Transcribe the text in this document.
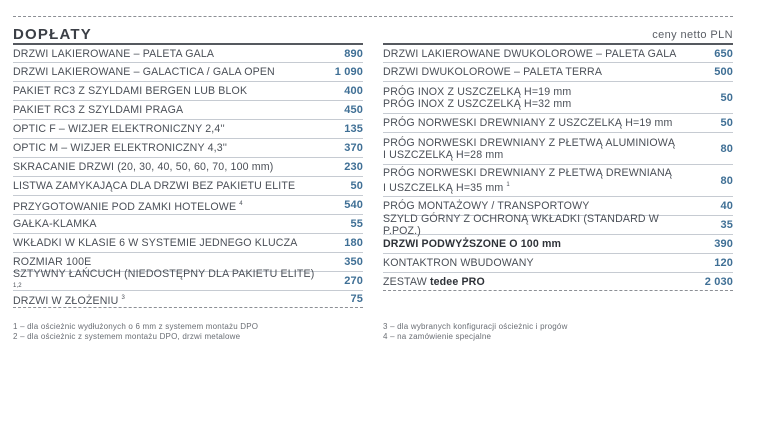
DOPŁATY	ceny netto PLN
DRZWI LAKIEROWANE – PALETA GALA	890
DRZWI LAKIEROWANE – GALACTICA / GALA OPEN	1 090
PAKIET RC3 Z SZYLDAMI BERGEN LUB BLOK	400
PAKIET RC3 Z SZYLDAMI PRAGA	450
OPTIC F – WIZJER ELEKTRONICZNY 2,4''	135
OPTIC M – WIZJER ELEKTRONICZNY 4,3''	370
SKRACANIE DRZWI (20, 30, 40, 50, 60, 70, 100 mm)	230
LISTWA ZAMYKAJĄCA DLA DRZWI BEZ PAKIETU ELITE	50
PRZYGOTOWANIE POD ZAMKI HOTELOWE $^4$	540
GAŁKA-KLAMKA	55
WKŁADKI W KLASIE 6 W SYSTEMIE JEDNEGO KLUCZA	180
ROZMIAR 100E	350
SZTYWNY ŁAŃCUCH (NIEDOSTĘPNY DLA PAKIETU ELITE) $^{1,2}$	270
DRZWI W ZŁOŻENIU $^3$	75
DRZWI LAKIEROWANE DWUKOLOROWE – PALETA GALA	650
DRZWI DWUKOLOROWE – PALETA TERRA	500
PRÓG INOX Z USZCZELKĄ H=19 mm
PRÓG INOX Z USZCZELKĄ H=32 mm	50
PRÓG NORWESKI DREWNIANY Z USZCZELKĄ H=19 mm	50
PRÓG NORWESKI DREWNIANY Z PŁETWĄ ALUMINIOWĄ
I USZCZELKĄ H=28 mm	80
PRÓG NORWESKI DREWNIANY Z PŁETWĄ DREWNIANĄ
I USZCZELKĄ H=35 mm $^1$	80
PRÓG MONTAŻOWY / TRANSPORTOWY	40
SZYLD GÓRNY Z OCHRONĄ WKŁADKI (STANDARD W P.POZ.)	35
DRZWI PODWYŻSZONE O 100 mm	390
KONTAKTRON WBUDOWANY	120
ZESTAW tedee PRO	2 030
1 – dla ościeżnic wydłużonych o 6 mm z systemem montażu DPO
2 – dla ościeżnic z systemem montażu DPO, drzwi metalowe
3 – dla wybranych konfiguracji ościeżnic i progów
4 – na zamówienie specjalne
